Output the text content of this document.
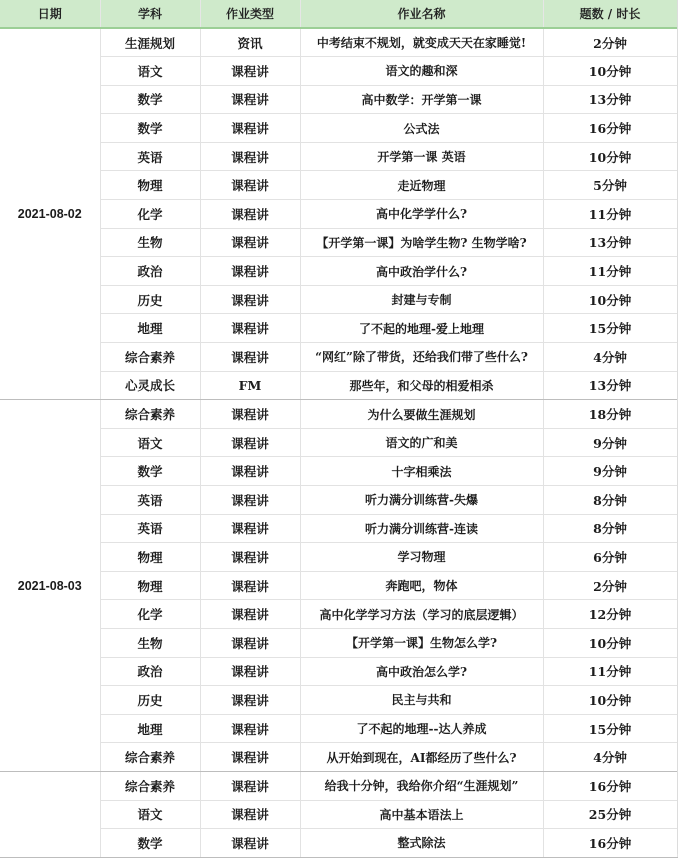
日期	学科	作业类型	作业名称	题数 / 时长
2021-08-02	生涯规划	资讯	中考结束不规划，就变成天天在家睡觉!	2分钟
	语文	课程讲	语文的趣和深	10分钟
	数学	课程讲	高中数学：开学第一课	13分钟
	数学	课程讲	公式法	16分钟
	英语	课程讲	开学第一课 英语	10分钟
	物理	课程讲	走近物理	5分钟
	化学	课程讲	高中化学学什么?	11分钟
	生物	课程讲	【开学第一课】为啥学生物? 生物学啥?	13分钟
	政治	课程讲	高中政治学什么?	11分钟
	历史	课程讲	封建与专制	10分钟
	地理	课程讲	了不起的地理-爱上地理	15分钟
	综合素养	课程讲	“网红”除了带货，还给我们带了些什么?	4分钟
	心灵成长	FM	那些年，和父母的相爱相杀	13分钟
2021-08-03	综合素养	课程讲	为什么要做生涯规划	18分钟
	语文	课程讲	语文的广和美	9分钟
	数学	课程讲	十字相乘法	9分钟
	英语	课程讲	听力满分训练营-失爆	8分钟
	英语	课程讲	听力满分训练营-连读	8分钟
	物理	课程讲	学习物理	6分钟
	物理	课程讲	奔跑吧，物体	2分钟
	化学	课程讲	高中化学学习方法（学习的底层逻辑）	12分钟
	生物	课程讲	【开学第一课】生物怎么学?	10分钟
	政治	课程讲	高中政治怎么学?	11分钟
	历史	课程讲	民主与共和	10分钟
	地理	课程讲	了不起的地理--达人养成	15分钟
	综合素养	课程讲	从开始到现在，AI都经历了些什么?	4分钟
	综合素养	课程讲	给我十分钟，我给你介绍“生涯规划”	16分钟
	语文	课程讲	高中基本语法上	25分钟
	数学	课程讲	整式除法	16分钟
